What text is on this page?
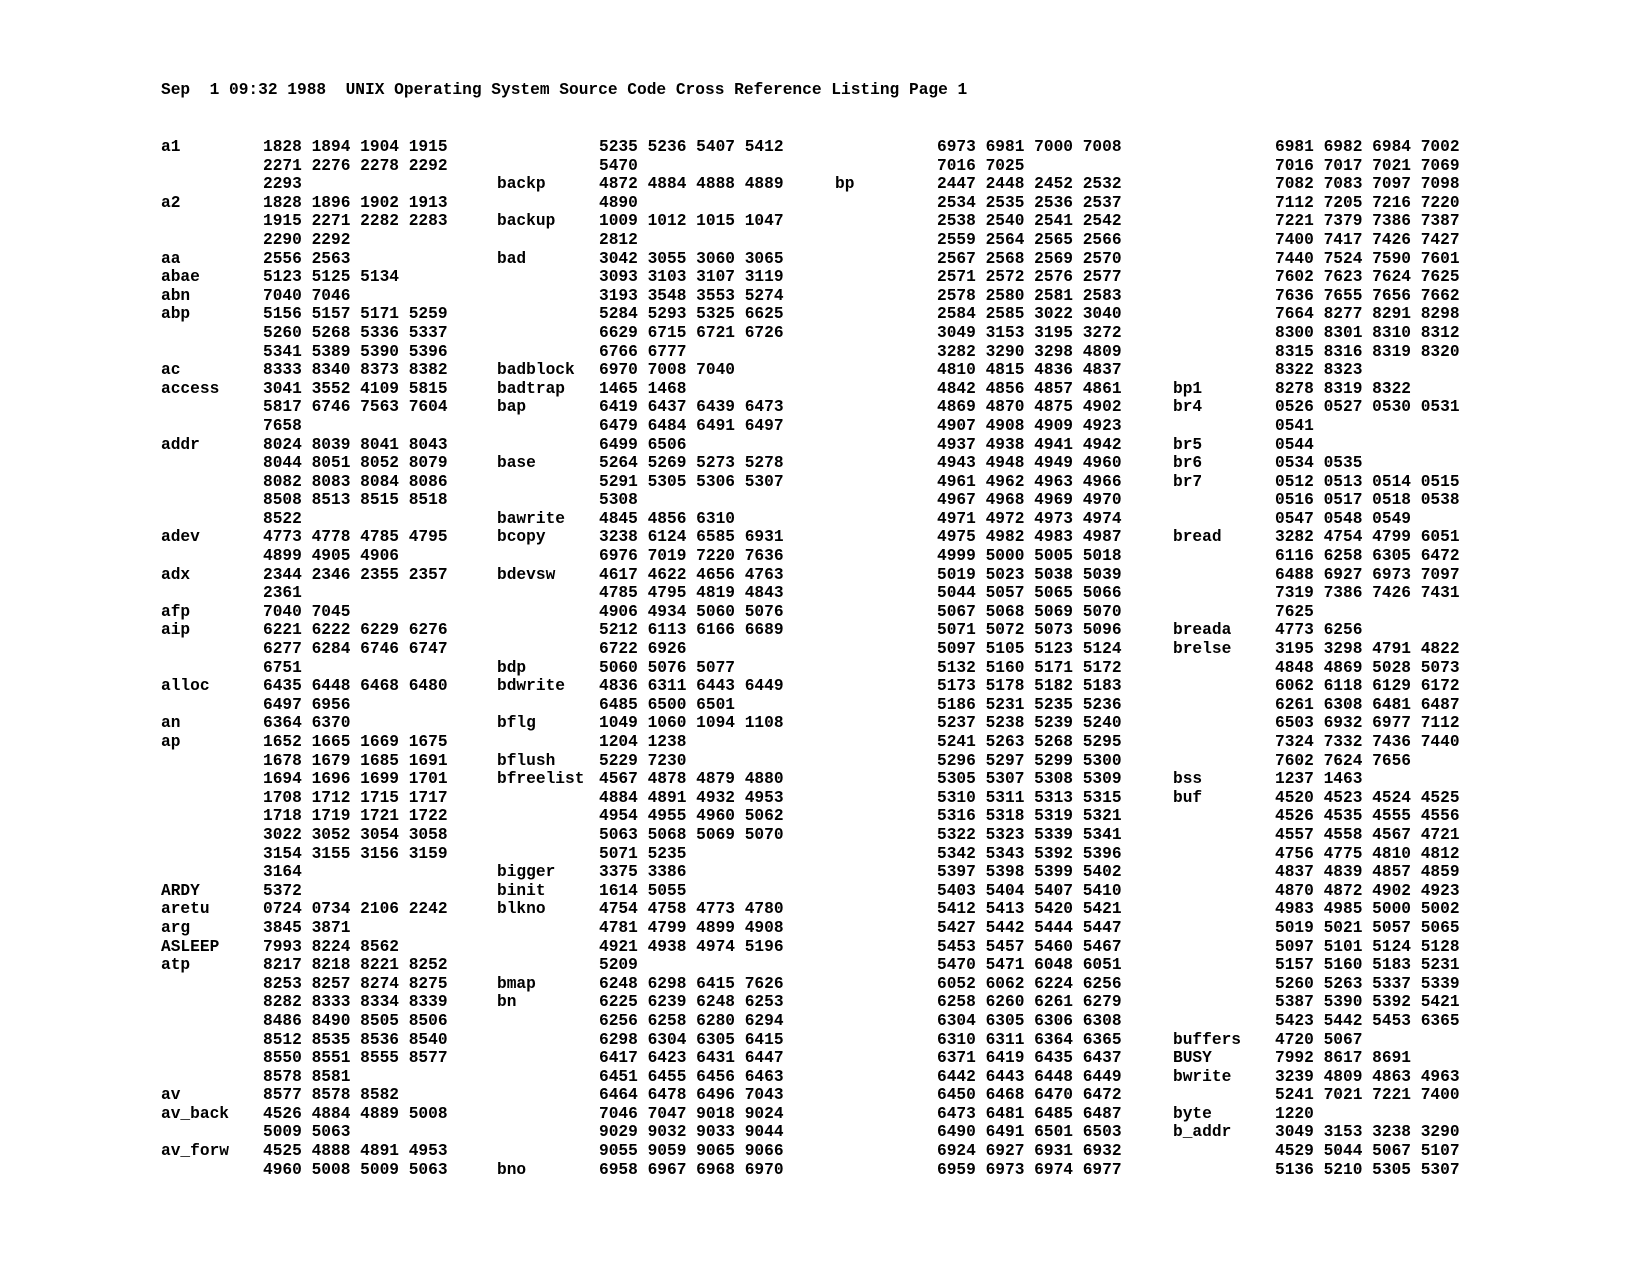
Sep  1 09:32 1988  UNIX Operating System Source Code Cross Reference Listing Page 1
a1	1828 1894 1904 1915
2271 2276 2278 2292
2293
a2	1828 1896 1902 1913
1915 2271 2282 2283
2290 2292
aa	2556 2563
abae	5123 5125 5134
abn	7040 7046
abp	5156 5157 5171 5259
5260 5268 5336 5337
5341 5389 5390 5396
ac	8333 8340 8373 8382
access	3041 3552 4109 5815
5817 6746 7563 7604
7658
addr	8024 8039 8041 8043
8044 8051 8052 8079
8082 8083 8084 8086
8508 8513 8515 8518
8522
adev	4773 4778 4785 4795
4899 4905 4906
adx	2344 2346 2355 2357
2361
afp	7040 7045
aip	6221 6222 6229 6276
6277 6284 6746 6747
6751
alloc	6435 6448 6468 6480
6497 6956
an	6364 6370
ap	1652 1665 1669 1675
1678 1679 1685 1691
1694 1696 1699 1701
1708 1712 1715 1717
1718 1719 1721 1722
3022 3052 3054 3058
3154 3155 3156 3159
3164
ARDY	5372
aretu	0724 0734 2106 2242
arg	3845 3871
ASLEEP	7993 8224 8562
atp	8217 8218 8221 8252
8253 8257 8274 8275
8282 8333 8334 8339
8486 8490 8505 8506
8512 8535 8536 8540
8550 8551 8555 8577
8578 8581
av	8577 8578 8582
av_back 4526 4884 4889 5008
5009 5063
av_forw 4525 4888 4891 4953
4960 5008 5009 5063
5235 5236 5407 5412
5470
backp	4872 4884 4888 4889
4890
backup	1009 1012 1015 1047
2812
bad	3042 3055 3060 3065
3093 3103 3107 3119
3193 3548 3553 5274
5284 5293 5325 6625
6629 6715 6721 6726
6766 6777
badblock 6970 7008 7040
badtrap 1465 1468
bap	6419 6437 6439 6473
6479 6484 6491 6497
6499 6506
base	5264 5269 5273 5278
5291 5305 5306 5307
5308
bawrite 4845 4856 6310
bcopy	3238 6124 6585 6931
6976 7019 7220 7636
bdevsw	4617 4622 4656 4763
4785 4795 4819 4843
4906 4934 5060 5076
5212 6113 6166 6689
6722 6926
bdp	5060 5076 5077
bdwrite 4836 6311 6443 6449
6485 6500 6501
bflg	1049 1060 1094 1108
1204 1238
bflush	5229 7230
bfreelist 4567 4878 4879 4880
4884 4891 4932 4953
4954 4955 4960 5062
5063 5068 5069 5070
5071 5235
bigger	3375 3386
binit	1614 5055
blkno	4754 4758 4773 4780
4781 4799 4899 4908
4921 4938 4974 5196
5209
bmap	6248 6298 6415 7626
bn	6225 6239 6248 6253
6256 6258 6280 6294
6298 6304 6305 6415
6417 6423 6431 6447
6451 6455 6456 6463
6464 6478 6496 7043
7046 7047 9018 9024
9029 9032 9033 9044
9055 9059 9065 9066
bno	6958 6967 6968 6970
6973 6981 7000 7008
7016 7025
bp	2447 2448 2452 2532
2534 2535 2536 2537
2538 2540 2541 2542
2559 2564 2565 2566
2567 2568 2569 2570
2571 2572 2576 2577
2578 2580 2581 2583
2584 2585 3022 3040
3049 3153 3195 3272
3282 3290 3298 4809
4810 4815 4836 4837
4842 4856 4857 4861
4869 4870 4875 4902
4907 4908 4909 4923
4937 4938 4941 4942
4943 4948 4949 4960
4961 4962 4963 4966
4967 4968 4969 4970
4971 4972 4973 4974
4975 4982 4983 4987
4999 5000 5005 5018
5019 5023 5038 5039
5044 5057 5065 5066
5067 5068 5069 5070
5071 5072 5073 5096
5097 5105 5123 5124
5132 5160 5171 5172
5173 5178 5182 5183
5186 5231 5235 5236
5237 5238 5239 5240
5241 5263 5268 5295
5296 5297 5299 5300
5305 5307 5308 5309
5310 5311 5313 5315
5316 5318 5319 5321
5322 5323 5339 5341
5342 5343 5392 5396
5397 5398 5399 5402
5403 5404 5407 5410
5412 5413 5420 5421
5427 5442 5444 5447
5453 5457 5460 5467
5470 5471 6048 6051
6052 6062 6224 6256
6258 6260 6261 6279
6304 6305 6306 6308
6310 6311 6364 6365
6371 6419 6435 6437
6442 6443 6448 6449
6450 6468 6470 6472
6473 6481 6485 6487
6490 6491 6501 6503
6924 6927 6931 6932
6959 6973 6974 6977
6981 6982 6984 7002
7016 7017 7021 7069
7082 7083 7097 7098
7112 7205 7216 7220
7221 7379 7386 7387
7400 7417 7426 7427
7440 7524 7590 7601
7602 7623 7624 7625
7636 7655 7656 7662
7664 8277 8291 8298
8300 8301 8310 8312
8315 8316 8319 8320
8322 8323
bp1	8278 8319 8322
br4	0526 0527 0530 0531
0541
br5	0544
br6	0534 0535
br7	0512 0513 0514 0515
0516 0517 0518 0538
0547 0548 0549
bread	3282 4754 4799 6051
6116 6258 6305 6472
6488 6927 6973 7097
7319 7386 7426 7431
7625
breada	4773 6256
brelse	3195 3298 4791 4822
4848 4869 5028 5073
6062 6118 6129 6172
6261 6308 6481 6487
6503 6932 6977 7112
7324 7332 7436 7440
7602 7624 7656
bss	1237 1463
buf	4520 4523 4524 4525
4526 4535 4555 4556
4557 4558 4567 4721
4756 4775 4810 4812
4837 4839 4857 4859
4870 4872 4902 4923
4983 4985 5000 5002
5019 5021 5057 5065
5097 5101 5124 5128
5157 5160 5183 5231
5260 5263 5337 5339
5387 5390 5392 5421
5423 5442 5453 6365
buffers 4720 5067
BUSY	7992 8617 8691
bwrite	3239 4809 4863 4963
5241 7021 7221 7400
byte	1220
b_addr	3049 3153 3238 3290
4529 5044 5067 5107
5136 5210 5305 5307
